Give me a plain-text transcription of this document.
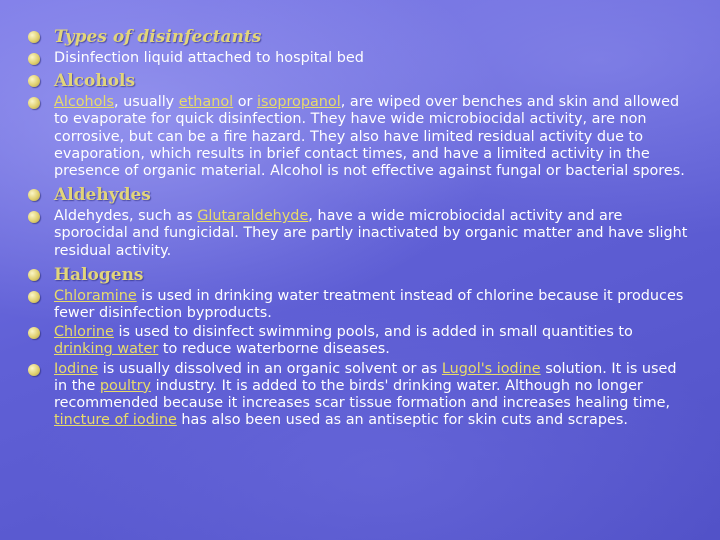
Types of disinfectants
Disinfection liquid attached to hospital bed
Alcohols
Alcohols, usually ethanol or isopropanol, are wiped over benches and skin and allowed to evaporate for quick disinfection. They have wide microbiocidal activity, are non corrosive, but can be a fire hazard. They also have limited residual activity due to evaporation, which results in brief contact times, and have a limited activity in the presence of organic material. Alcohol is not effective against fungal or bacterial spores.
Aldehydes
Aldehydes, such as Glutaraldehyde, have a wide microbiocidal activity and are sporocidal and fungicidal. They are partly inactivated by organic matter and have slight residual activity.
Halogens
Chloramine is used in drinking water treatment instead of chlorine because it produces fewer disinfection byproducts.
Chlorine is used to disinfect swimming pools, and is added in small quantities to drinking water to reduce waterborne diseases.
Iodine is usually dissolved in an organic solvent or as Lugol's iodine solution. It is used in the poultry industry. It is added to the birds' drinking water. Although no longer recommended because it increases scar tissue formation and increases healing time, tincture of iodine has also been used as an antiseptic for skin cuts and scrapes.
